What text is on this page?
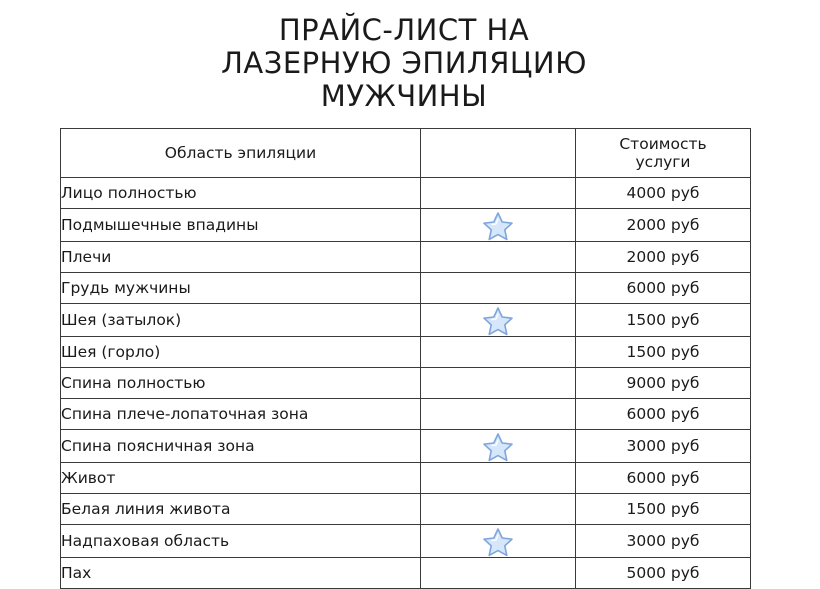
ПРАЙС-ЛИСТ НА
ЛАЗЕРНУЮ ЭПИЛЯЦИЮ
МУЖЧИНЫ
Область эпиляции		Стоимость
услуги
Лицо полностью		4000 руб
Подмышечные впадины		2000 руб
Плечи		2000 руб
Грудь мужчины		6000 руб
Шея (затылок)		1500 руб
Шея (горло)		1500 руб
Спина полностью		9000 руб
Спина плече-лопаточная зона		6000 руб
Спина поясничная зона		3000 руб
Живот		6000 руб
Белая линия живота		1500 руб
Надпаховая область		3000 руб
Пах		5000 руб
